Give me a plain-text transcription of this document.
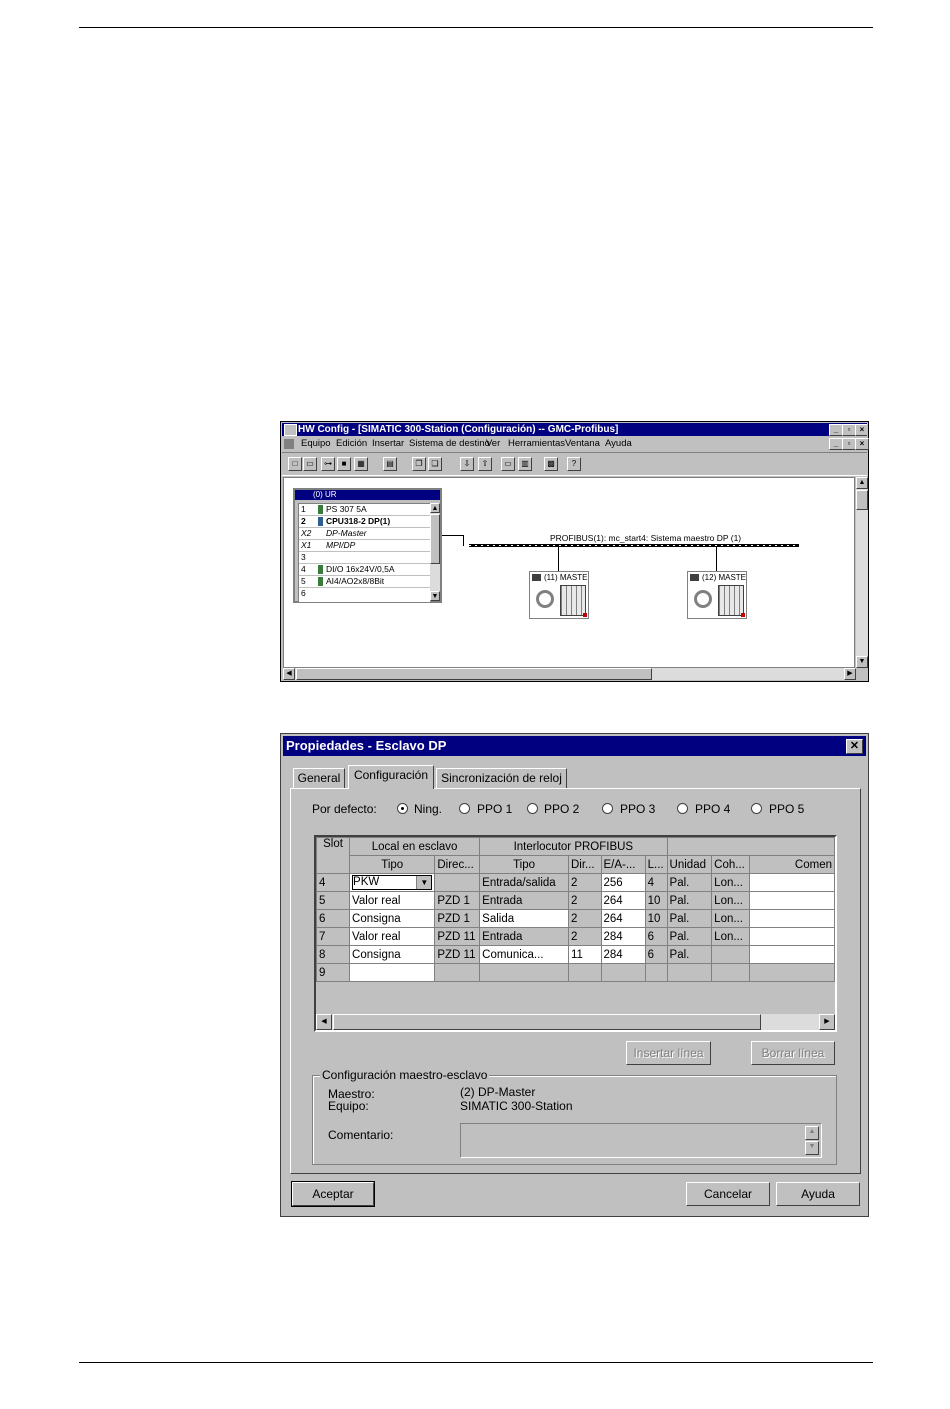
HW Config - [SIMATIC 300-Station (Configuración) -- GMC-Profibus]	_	▫	×
Equipo Edición Insertar Sistema de destino
Ver Herramientas Ventana Ayuda	_	▫	×
□	▭	⊶	■	▦	▤	❐	❏	⇩	⇧	▭	▥	▩	?
(0) UR
1	PS 307 5A
2	CPU318-2 DP(1)
X2	DP-Master
X1	MPI/DP
3
4	DI/O 16x24V/0,5A
5	AI4/AO2x8/8Bit
6
▲
▼
PROFIBUS(1): mc_start4: Sistema maestro DP (1)
(11) MASTE	(12) MASTE
▲
▼
◀	▶
Propiedades - Esclavo DP	✕
General	Configuración	Sincronización de reloj
Por defecto:	Ning.	PPO 1	PPO 2	PPO 3	PPO 4	PPO 5
Slot	Local en esclavo		Interlocutor PROFIBUS						
	Tipo	Direc...	Tipo	Dir...	E/A-...	L...	Unidad	Coh...	Comen
4	PKW ▼		Entrada/salida	2	256	4	Pal.	Lon...	
5	Valor real	PZD 1	Entrada	2	264	10	Pal.	Lon...	
6	Consigna	PZD 1	Salida	2	264	10	Pal.	Lon...	
7	Valor real	PZD 11	Entrada	2	284	6	Pal.	Lon...	
8	Consigna	PZD 11	Comunica...	11	284	6	Pal.		
9									
◀	▶
Insertar línea	Borrar línea
Configuración maestro-esclavo
Maestro:	(2) DP-Master
Equipo:	SIMATIC 300-Station
Comentario:	▲
▼
Aceptar	Cancelar	Ayuda
